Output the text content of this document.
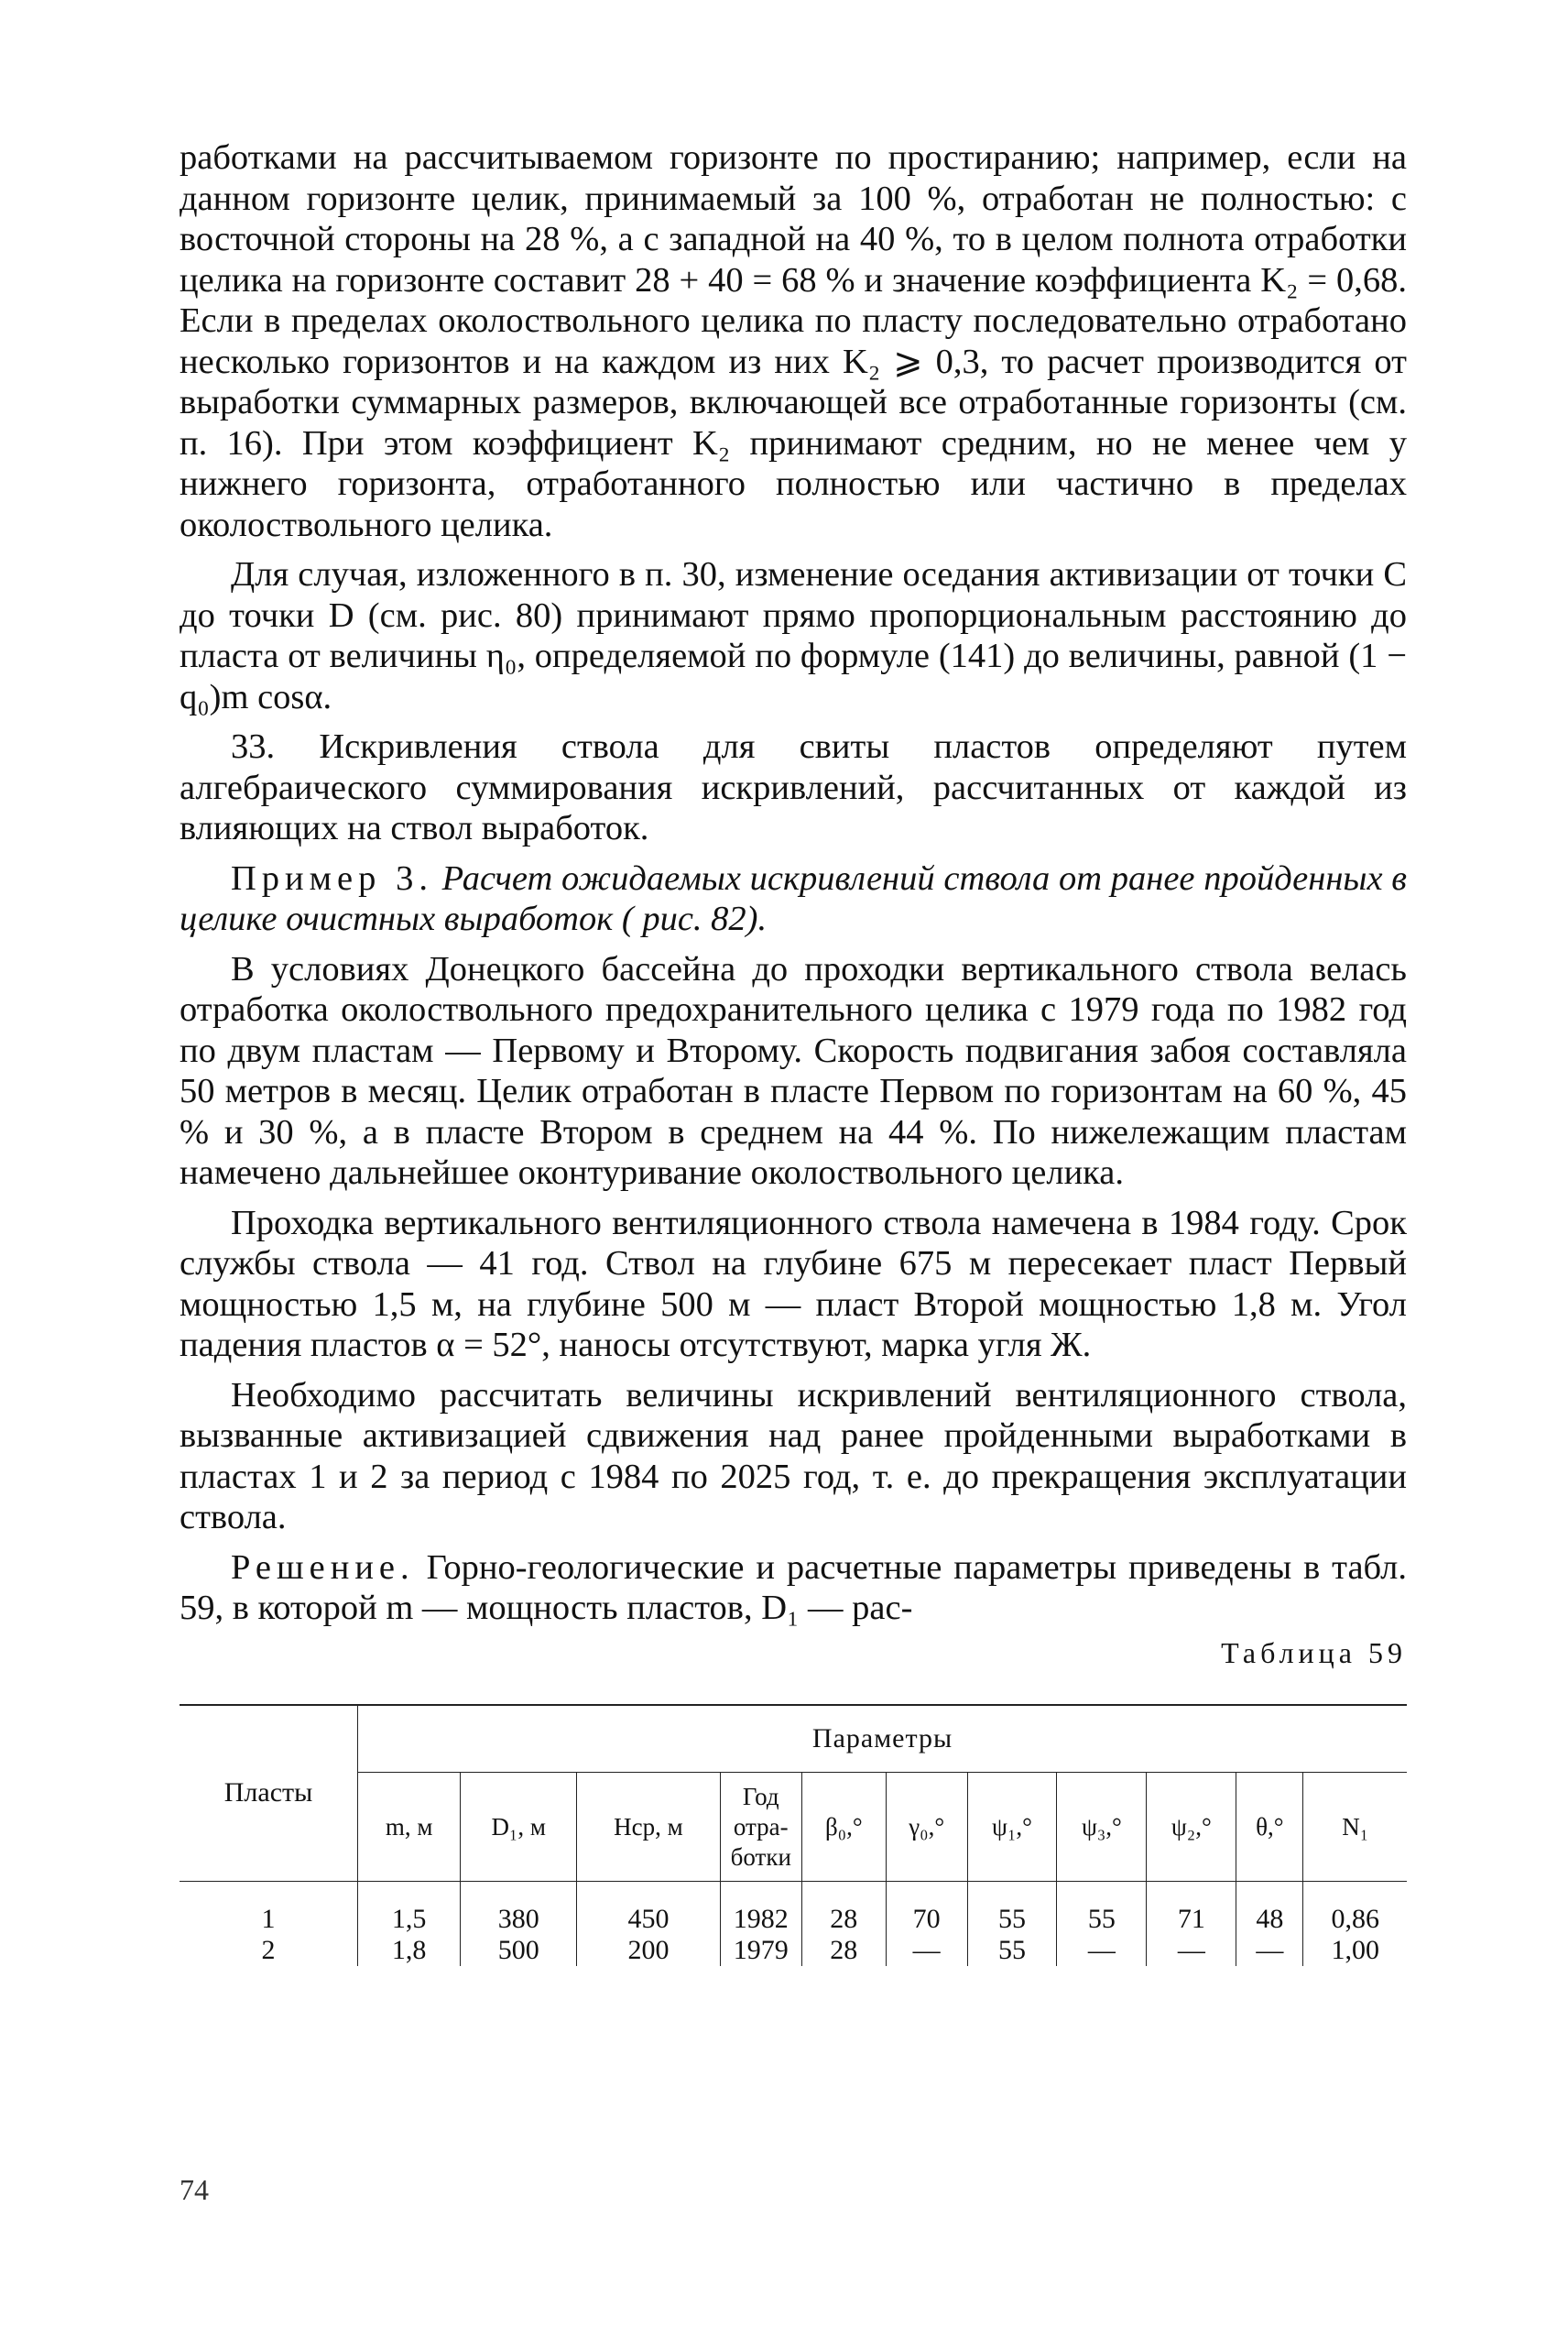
работками на рассчитываемом горизонте по простиранию; например, если на данном горизонте целик, принимаемый за 100 %, отработан не полностью: с восточной стороны на 28 %, а с западной на 40 %, то в целом полнота отработки целика на горизонте составит 28 + 40 = 68 % и значение коэффициента K₂ = 0,68. Если в пределах околоствольного целика по пласту последовательно отработано несколько горизонтов и на каждом из них K₂ ⩾ 0,3, то расчет производится от выработки суммарных размеров, включающей все отработанные горизонты (см. п. 16). При этом коэффициент K₂ принимают средним, но не менее чем у нижнего горизонта, отработанного полностью или частично в пределах околоствольного целика.

Для случая, изложенного в п. 30, изменение оседания активизации от точки С до точки D (см. рис. 80) принимают прямо пропорциональным расстоянию до пласта от величины η₀, определяемой по формуле (141) до величины, равной (1 − q₀)m cosα.

33. Искривления ствола для свиты пластов определяют путем алгебраического суммирования искривлений, рассчитанных от каждой из влияющих на ствол выработок.

Пример 3. Расчет ожидаемых искривлений ствола от ранее пройденных в целике очистных выработок ( рис. 82).

В условиях Донецкого бассейна до проходки вертикального ствола велась отработка околоствольного предохранительного целика с 1979 года по 1982 год по двум пластам — Первому и Второму. Скорость подвигания забоя составляла 50 метров в месяц. Целик отработан в пласте Первом по горизонтам на 60 %, 45 % и 30 %, а в пласте Втором в среднем на 44 %. По нижележащим пластам намечено дальнейшее оконтуривание околоствольного целика.

Проходка вертикального вентиляционного ствола намечена в 1984 году. Срок службы ствола — 41 год. Ствол на глубине 675 м пересекает пласт Первый мощностью 1,5 м, на глубине 500 м — пласт Второй мощностью 1,8 м. Угол падения пластов α = 52°, наносы отсутствуют, марка угля Ж.

Необходимо рассчитать величины искривлений вентиляционного ствола, вызванные активизацией сдвижения над ранее пройденными выработками в пластах 1 и 2 за период с 1984 по 2025 год, т. е. до прекращения эксплуатации ствола.

Решение. Горно-геологические и расчетные параметры приведены в табл. 59, в которой m — мощность пластов, D₁ — рас-

Таблица 59
Пласты	Параметры										
	m, м	D₁, м	Hср, м	Год отра-ботки	β₀,°	γ₀,°	ψ₁,°	ψ₃,°	ψ₂,°	θ,°	N₁
1	1,5	380	450	1982	28	70	55	55	71	48	0,86
2	1,8	500	200	1979	28	—	55	—	—	—	1,00
74
